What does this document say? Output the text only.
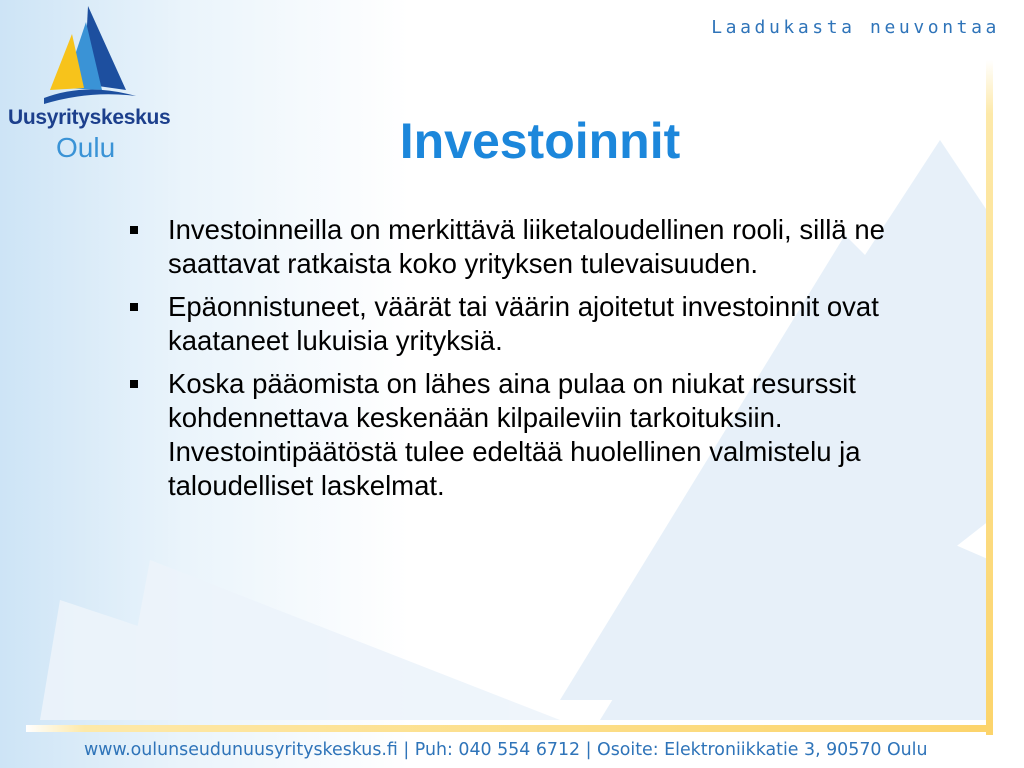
Uusyrityskeskus
Oulu
Laadukasta neuvontaa
Investoinnit
Investoinneilla on merkittävä liiketaloudellinen rooli, sillä ne saattavat ratkaista koko yrityksen tulevaisuuden.
Epäonnistuneet, väärät tai väärin ajoitetut investoinnit ovat kaataneet lukuisia yrityksiä.
Koska pääomista on lähes aina pulaa on niukat resurssit kohdennettava keskenään kilpaileviin tarkoituksiin. Investointipäätöstä tulee edeltää huolellinen valmistelu ja taloudelliset laskelmat.
www.oulunseudunuusyrityskeskus.fi | Puh: 040 554 6712 | Osoite: Elektroniikkatie 3, 90570 Oulu
